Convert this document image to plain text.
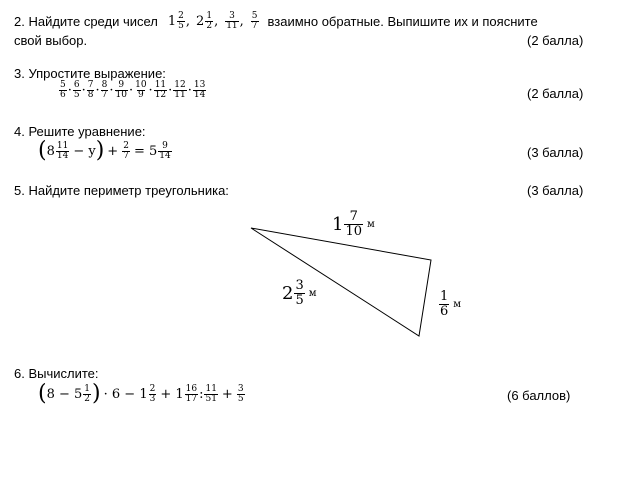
2. Найдите среди чисел $1 \frac{2}{5}$ , $2 \frac{1}{2}$ , $\frac{3}{11}$ , $\frac{5}{7}$ взаимно обратные. Выпишите их и поясните
свой выбор.	(2 балла)
3. Упростите выражение:
$\frac{5}{6} \cdot \frac{6}{5} \cdot \frac{7}{8} \cdot \frac{8}{7} \cdot \frac{9}{10} \cdot \frac{10}{9} \cdot \frac{11}{12} \cdot \frac{12}{11} \cdot \frac{13}{14}$	(2 балла)
4. Решите уравнение:
( $8 \frac{11}{14} - y$ ) + $\frac{2}{7} = 5 \frac{9}{14}$	(3 балла)
5. Найдите периметр треугольника:	(3 балла)
$1 \frac{7}{10}$ м
$2 \frac{3}{5}$ м	$\frac{1}{6}$ м
6. Вычислите:
( $8 - 5 \frac{1}{2}$ ) · $6 - 1 \frac{2}{3} + 1 \frac{16}{17}$ : $\frac{11}{51} + \frac{3}{5}$	(6 баллов)
